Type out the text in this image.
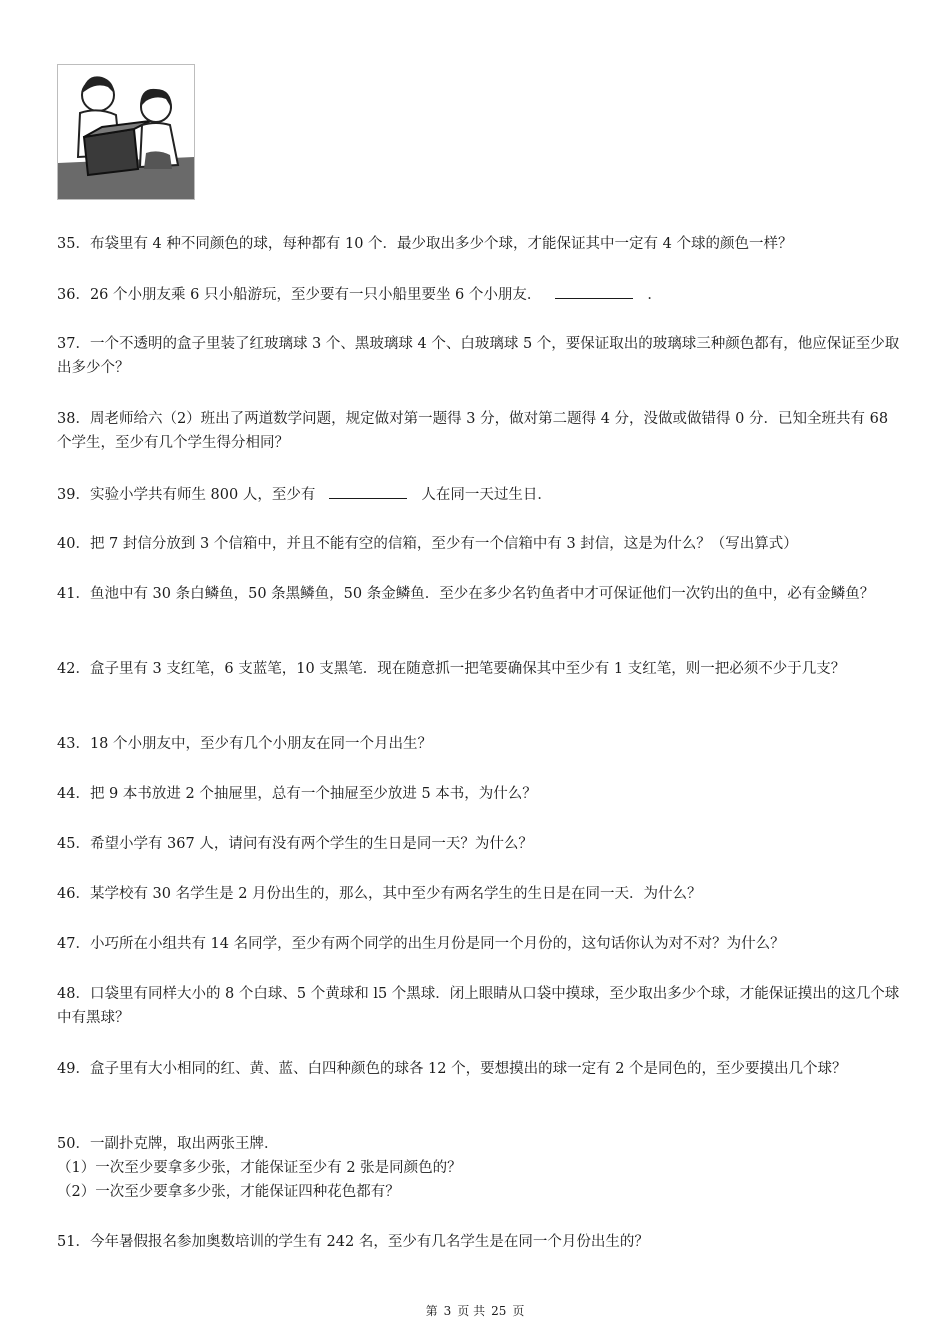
35．布袋里有 4 种不同颜色的球，每种都有 10 个．最少取出多少个球，才能保证其中一定有 4 个球的颜色一样？
36．26 个小朋友乘 6 只小船游玩，至少要有一只小船里要坐 6 个小朋友．	．
37．一个不透明的盒子里装了红玻璃球 3 个、黑玻璃球 4 个、白玻璃球 5 个，要保证取出的玻璃球三种颜色都有，他应保证至少取出多少个？
38．周老师给六（2）班出了两道数学问题，规定做对第一题得 3 分，做对第二题得 4 分，没做或做错得 0 分．已知全班共有 68 个学生，至少有几个学生得分相同？
39．实验小学共有师生 800 人，至少有	人在同一天过生日．
40．把 7 封信分放到 3 个信箱中，并且不能有空的信箱，至少有一个信箱中有 3 封信，这是为什么？（写出算式）
41．鱼池中有 30 条白鳞鱼，50 条黑鳞鱼，50 条金鳞鱼．至少在多少名钓鱼者中才可保证他们一次钓出的鱼中，必有金鳞鱼？
42．盒子里有 3 支红笔，6 支蓝笔，10 支黑笔．现在随意抓一把笔要确保其中至少有 1 支红笔，则一把必须不少于几支？
43．18 个小朋友中，至少有几个小朋友在同一个月出生？
44．把 9 本书放进 2 个抽屉里，总有一个抽屉至少放进 5 本书，为什么？
45．希望小学有 367 人，请问有没有两个学生的生日是同一天？为什么？
46．某学校有 30 名学生是 2 月份出生的，那么，其中至少有两名学生的生日是在同一天．为什么？
47．小巧所在小组共有 14 名同学，至少有两个同学的出生月份是同一个月份的，这句话你认为对不对？为什么？
48．口袋里有同样大小的 8 个白球、5 个黄球和 l5 个黑球．闭上眼睛从口袋中摸球，至少取出多少个球，才能保证摸出的这几个球中有黑球？
49．盒子里有大小相同的红、黄、蓝、白四种颜色的球各 12 个，要想摸出的球一定有 2 个是同色的，至少要摸出几个球？
50．一副扑克牌，取出两张王牌．
（1）一次至少要拿多少张，才能保证至少有 2 张是同颜色的？
（2）一次至少要拿多少张，才能保证四种花色都有？
51．今年暑假报名参加奥数培训的学生有 242 名，至少有几名学生是在同一个月份出生的？
第 3 页 共 25 页
